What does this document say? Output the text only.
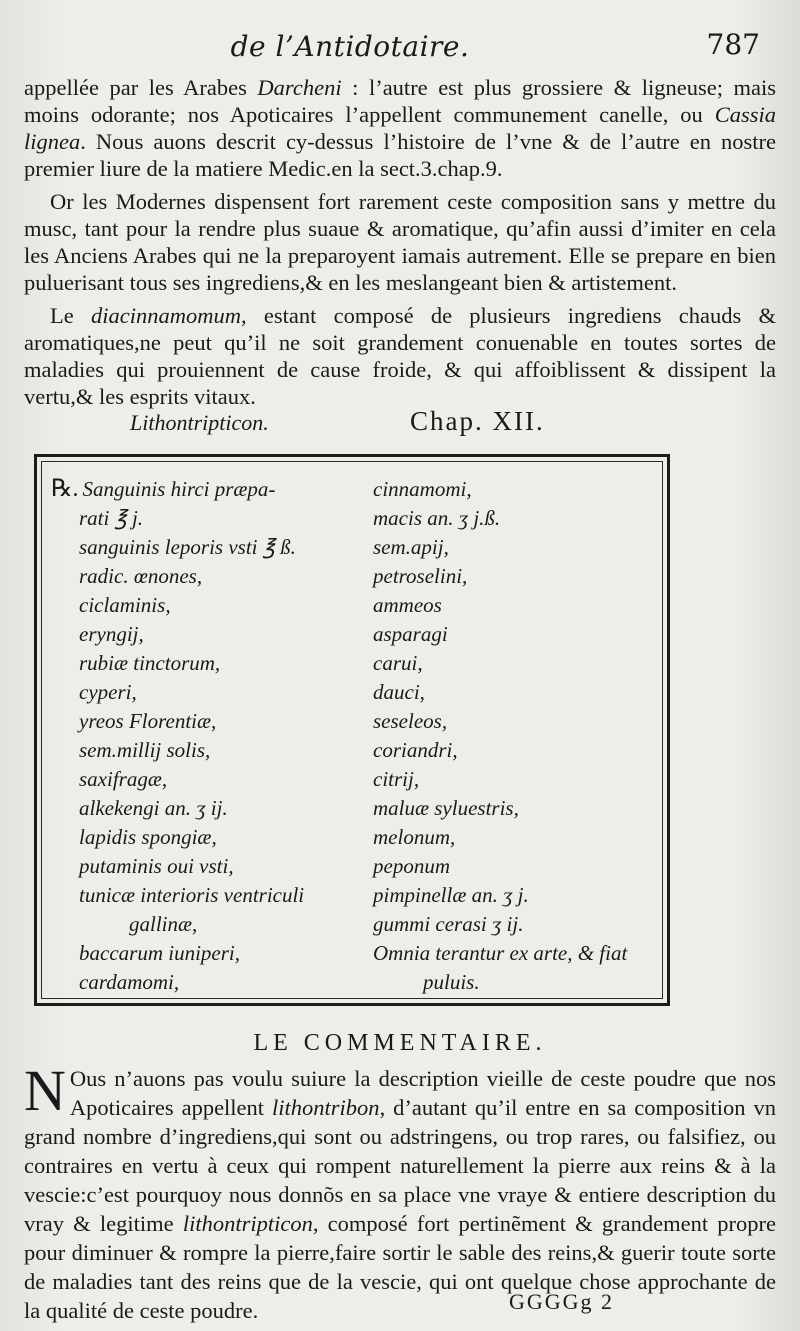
de l’Antidotaire.	787

appellée par les Arabes Darcheni : l’autre est plus grossiere & ligneuse; mais moins odorante; nos Apoticaires l’appellent communement canelle, ou Cassia lignea. Nous auons descrit cy-dessus l’histoire de l’vne & de l’autre en nostre premier liure de la matiere Medic.en la sect.3.chap.9.

Or les Modernes dispensent fort rarement ceste composition sans y mettre du musc, tant pour la rendre plus suaue & aromatique, qu’afin aussi d’imiter en cela les Anciens Arabes qui ne la preparoyent iamais autrement. Elle se prepare en bien puluerisant tous ses ingrediens,& en les meslangeant bien & artistement.

Le diacinnamomum, estant composé de plusieurs ingrediens chauds & aromatiques,ne peut qu’il ne soit grandement conuenable en toutes sortes de maladies qui prouiennent de cause froide, & qui affoiblissent & dissipent la vertu,& les esprits vitaux.

Lithontripticon.	Chap. XII.
℞. Sanguinis hirci præpa-
rati ℥ j.
sanguinis leporis vsti ℥ ß.
radic. œnones,
ciclaminis,
eryngij,
rubiæ tinctorum,
cyperi,
yreos Florentiæ,
sem.millij solis,
saxifragæ,
alkekengi an. ʒ ij.
lapidis spongiæ,
putaminis oui vsti,
tunicæ interioris ventriculi
gallinæ,
baccarum iuniperi,
cardamomi,
cinnamomi,
macis an. ʒ j.ß.
sem.apij,
petroselini,
ammeos
asparagi
carui,
dauci,
seseleos,
coriandri,
citrij,
maluæ syluestris,
melonum,
peponum
pimpinellæ an. ʒ j.
gummi cerasi ʒ ij.
Omnia terantur ex arte, & fiat
puluis.
LE COMMENTAIRE.
N Ous n’auons pas voulu suiure la description vieille de ceste poudre que nos Apoticaires appellent lithontribon, d’autant qu’il entre en sa composition vn grand nombre d’ingrediens,qui sont ou adstringens, ou trop rares, ou falsifiez, ou contraires en vertu à ceux qui rompent naturellement la pierre aux reins & à la vescie:c’est pourquoy nous donnõs en sa place vne vraye & entiere description du vray & legitime lithontripticon, composé fort pertinẽment & grandement propre pour diminuer & rompre la pierre,faire sortir le sable des reins,& guerir toute sorte de maladies tant des reins que de la vescie, qui ont quelque chose approchante de la qualité de ceste poudre.	GGGGg 2
